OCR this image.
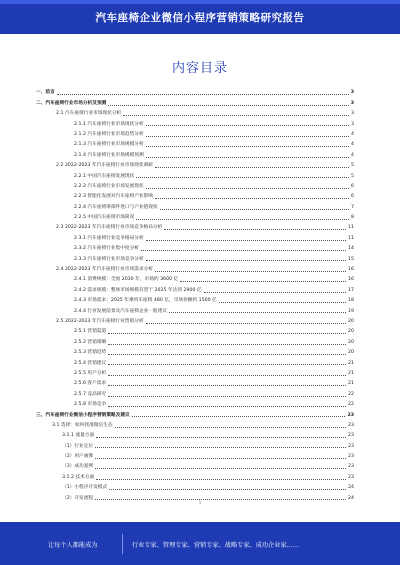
汽车座椅企业微信小程序营销策略研究报告
内容目录
一、前言	3
二、汽车座椅行业市场分析及预测	3
2.1 汽车座椅行业市场现状分析	3
2.1.1 汽车座椅行业市场现状分析	3
2.1.2 汽车座椅行业市场趋势分析	4
2.1.3 汽车座椅行业市场规模分析	4
2.1.4 汽车座椅行业市场规模预测	4
2.2 2022-2023 年汽车座椅行业市场现状调研	5
2.2.1 中国汽车座椅发展现状	5
2.2.2 汽车座椅行业市场发展现状	6
2.2.3 智能化发展对汽车座椅产业影响	6
2.2.4 汽车座椅零部件进口与产业链现状	7
2.2.5 中国汽车座椅市场简况	8
2.3 2022-2023 年汽车座椅行业市场竞争格局分析	11
2.3.1 汽车座椅行业竞争格局分析	11
2.3.2 汽车座椅行业集中度分析	14
2.3.3 汽车座椅行业市场竞争分析	15
2.4 2022-2023 年汽车座椅行业市场需求分析	16
2.4.1 消费规模：全国 2030 年，市场约 3600 亿	16
2.4.2 需求规模：整体市场规模有望于 2025 年达到 2900 亿	17
2.4.3 市场需求：2025 年乘用车座椅 480 亿，市场份额约 1500 亿	18
2.4.4 行业发展前景及汽车座椅企业一般建议	19
2.5 2022-2023 年汽车座椅行业营销分析	20
2.5.1 营销渠道	20
2.5.2 营销策略	20
2.5.3 营销趋势	20
2.5.4 营销建议	21
2.5.5 用户分析	21
2.5.6 客户需求	21
2.5.7 竞品研究	22
2.5.8 市场竞争	22
三、汽车座椅行业微信小程序营销策略及建议	23
3.1 选择：如何找准微信生态	23
3.1.1 流量方面	23
（1）行业定位	23
（2）用户画像	23
（3）成功案例	23
3.1.2 技术方面	23
（1）小程序开发模式	24
（2）开发流程	24
1
让每个人都能成为	行业专家、管理专家、营销专家、战略专家、成功企业家……
